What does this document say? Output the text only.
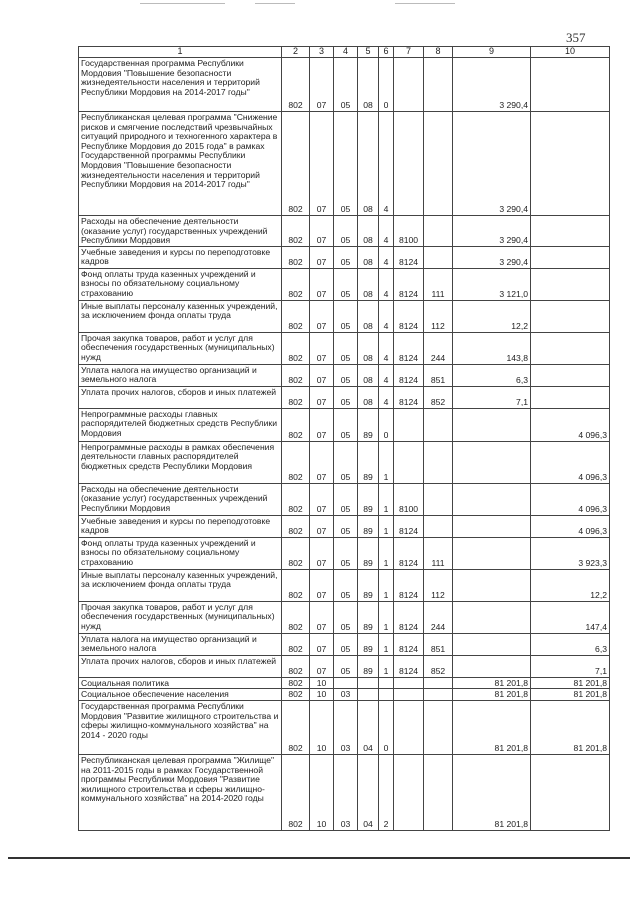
357
1	2	3	4	5	6	7	8	9	10
Государственная программа Республики Мордовия "Повышение безопасности жизнедеятельности населения и территорий Республики Мордовия на 2014-2017 годы"	802	07	05	08	0			3 290,4	
Республиканская целевая программа "Снижение рисков и смягчение последствий чрезвычайных ситуаций природного и техногенного характера в Республике Мордовия до 2015 года" в рамках Государственной программы Республики Мордовия "Повышение безопасности жизнедеятельности населения и территорий Республики Мордовия на 2014-2017 годы"	802	07	05	08	4			3 290,4	
Расходы на обеспечение деятельности (оказание услуг) государственных учреждений Республики Мордовия	802	07	05	08	4	8100		3 290,4	
Учебные заведения и курсы по переподготовке кадров	802	07	05	08	4	8124		3 290,4	
Фонд оплаты труда казенных учреждений и взносы по обязательному социальному страхованию	802	07	05	08	4	8124	111	3 121,0	
Иные выплаты персоналу казенных учреждений, за исключением фонда оплаты труда	802	07	05	08	4	8124	112	12,2	
Прочая закупка товаров, работ и услуг для обеспечения государственных (муниципальных) нужд	802	07	05	08	4	8124	244	143,8	
Уплата налога на имущество организаций и земельного налога	802	07	05	08	4	8124	851	6,3	
Уплата прочих налогов, сборов и иных платежей	802	07	05	08	4	8124	852	7,1	
Непрограммные расходы главных распорядителей бюджетных средств Республики Мордовия	802	07	05	89	0				4 096,3
Непрограммные расходы в рамках обеспечения деятельности главных распорядителей бюджетных средств Республики Мордовия	802	07	05	89	1				4 096,3
Расходы на обеспечение деятельности (оказание услуг) государственных учреждений Республики Мордовия	802	07	05	89	1	8100			4 096,3
Учебные заведения и курсы по переподготовке кадров	802	07	05	89	1	8124			4 096,3
Фонд оплаты труда казенных учреждений и взносы по обязательному социальному страхованию	802	07	05	89	1	8124	111		3 923,3
Иные выплаты персоналу казенных учреждений, за исключением фонда оплаты труда	802	07	05	89	1	8124	112		12,2
Прочая закупка товаров, работ и услуг для обеспечения государственных (муниципальных) нужд	802	07	05	89	1	8124	244		147,4
Уплата налога на имущество организаций и земельного налога	802	07	05	89	1	8124	851		6,3
Уплата прочих налогов, сборов и иных платежей	802	07	05	89	1	8124	852		7,1
Социальная политика	802	10						81 201,8	81 201,8
Социальное обеспечение населения	802	10	03					81 201,8	81 201,8
Государственная программа Республики Мордовия "Развитие жилищного строительства и сферы жилищно-коммунального хозяйства" на 2014 - 2020 годы	802	10	03	04	0			81 201,8	81 201,8
Республиканская целевая программа "Жилище" на 2011-2015 годы в рамках Государственной программы Республики Мордовия "Развитие жилищного строительства и сферы жилищно-коммунального хозяйства" на 2014-2020 годы	802	10	03	04	2			81 201,8	
